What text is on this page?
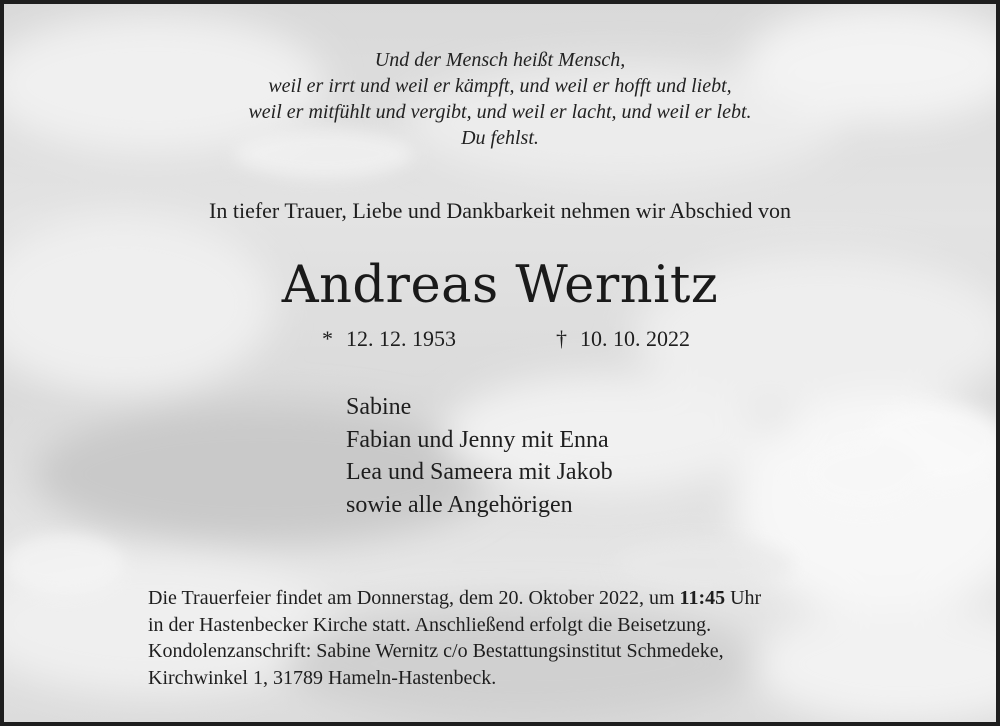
Und der Mensch heißt Mensch,
weil er irrt und weil er kämpft, und weil er hofft und liebt,
weil er mitfühlt und vergibt, und weil er lacht, und weil er lebt.
Du fehlst.
In tiefer Trauer, Liebe und Dankbarkeit nehmen wir Abschied von
Andreas Wernitz
* 12. 12. 1953	† 10. 10. 2022
Sabine
Fabian und Jenny mit Enna
Lea und Sameera mit Jakob
sowie alle Angehörigen
Die Trauerfeier findet am Donnerstag, dem 20. Oktober 2022, um 11:45 Uhr
in der Hastenbecker Kirche statt. Anschließend erfolgt die Beisetzung.
Kondolenzanschrift: Sabine Wernitz c/o Bestattungsinstitut Schmedeke,
Kirchwinkel 1, 31789 Hameln-Hastenbeck.
